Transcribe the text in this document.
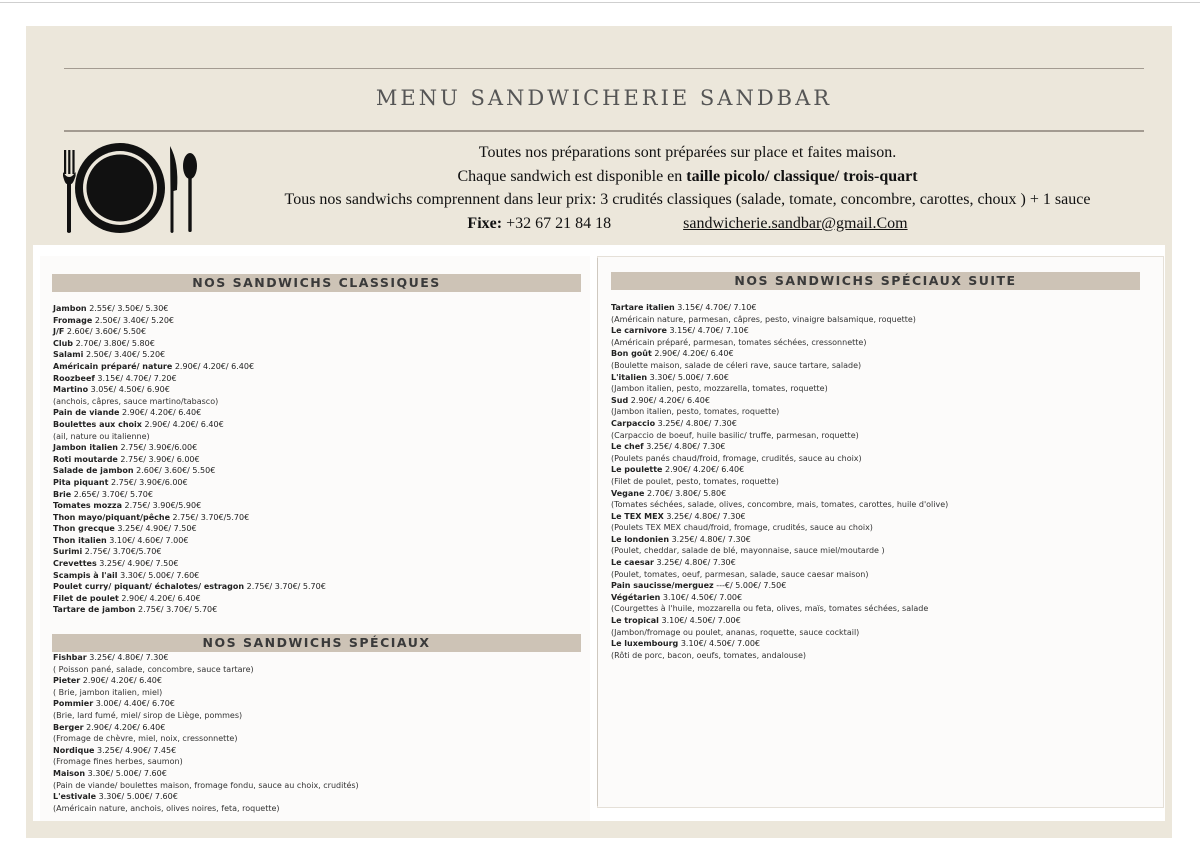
MENU SANDWICHERIE SANDBAR
Toutes nos préparations sont préparées sur place et faites maison.
Chaque sandwich est disponible en taille picolo/ classique/ trois-quart
Tous nos sandwichs comprennent dans leur prix: 3 crudités classiques (salade, tomate, concombre, carottes, choux ) + 1 sauce
Fixe: +32 67 21 84 18	sandwicherie.sandbar@gmail.Com
NOS SANDWICHS CLASSIQUES
Jambon 2.55€/ 3.50€/ 5.30€
Fromage 2.50€/ 3.40€/ 5.20€
J/F 2.60€/ 3.60€/ 5.50€
Club 2.70€/ 3.80€/ 5.80€
Salami 2.50€/ 3.40€/ 5.20€
Américain préparé/ nature 2.90€/ 4.20€/ 6.40€
Roozbeef 3.15€/ 4.70€/ 7.20€
Martino 3.05€/ 4.50€/ 6.90€
(anchois, câpres, sauce martino/tabasco)
Pain de viande 2.90€/ 4.20€/ 6.40€
Boulettes aux choix 2.90€/ 4.20€/ 6.40€
(ail, nature ou italienne)
Jambon italien 2.75€/ 3.90€/6.00€
Roti moutarde 2.75€/ 3.90€/ 6.00€
Salade de jambon 2.60€/ 3.60€/ 5.50€
Pita piquant 2.75€/ 3.90€/6.00€
Brie 2.65€/ 3.70€/ 5.70€
Tomates mozza 2.75€/ 3.90€/5.90€
Thon mayo/piquant/pêche 2.75€/ 3.70€/5.70€
Thon grecque 3.25€/ 4.90€/ 7.50€
Thon italien 3.10€/ 4.60€/ 7.00€
Surimi 2.75€/ 3.70€/5.70€
Crevettes 3.25€/ 4.90€/ 7.50€
Scampis à l'ail 3.30€/ 5.00€/ 7.60€
Poulet curry/ piquant/ échalotes/ estragon 2.75€/ 3.70€/ 5.70€
Filet de poulet 2.90€/ 4.20€/ 6.40€
Tartare de jambon 2.75€/ 3.70€/ 5.70€
NOS SANDWICHS SPÉCIAUX
Fishbar 3.25€/ 4.80€/ 7.30€
( Poisson pané, salade, concombre, sauce tartare)
Pieter 2.90€/ 4.20€/ 6.40€
( Brie, jambon italien, miel)
Pommier 3.00€/ 4.40€/ 6.70€
(Brie, lard fumé, miel/ sirop de Liège, pommes)
Berger 2.90€/ 4.20€/ 6.40€
(Fromage de chèvre, miel, noix, cressonnette)
Nordique 3.25€/ 4.90€/ 7.45€
(Fromage fines herbes, saumon)
Maison 3.30€/ 5.00€/ 7.60€
(Pain de viande/ boulettes maison, fromage fondu, sauce au choix, crudités)
L'estivale 3.30€/ 5.00€/ 7.60€
(Américain nature, anchois, olives noires, feta, roquette)
NOS SANDWICHS SPÉCIAUX SUITE
Tartare italien 3.15€/ 4.70€/ 7.10€
(Américain nature, parmesan, câpres, pesto, vinaigre balsamique, roquette)
Le carnivore 3.15€/ 4.70€/ 7.10€
(Américain préparé, parmesan, tomates séchées, cressonnette)
Bon goût 2.90€/ 4.20€/ 6.40€
(Boulette maison, salade de céleri rave, sauce tartare, salade)
L'italien 3.30€/ 5.00€/ 7.60€
(Jambon italien, pesto, mozzarella, tomates, roquette)
Sud 2.90€/ 4.20€/ 6.40€
(Jambon italien, pesto, tomates, roquette)
Carpaccio 3.25€/ 4.80€/ 7.30€
(Carpaccio de boeuf, huile basilic/ truffe, parmesan, roquette)
Le chef 3.25€/ 4.80€/ 7.30€
(Poulets panés chaud/froid, fromage, crudités, sauce au choix)
Le poulette 2.90€/ 4.20€/ 6.40€
(Filet de poulet, pesto, tomates, roquette)
Vegane 2.70€/ 3.80€/ 5.80€
(Tomates séchées, salade, olives, concombre, mais, tomates, carottes, huile d'olive)
Le TEX MEX 3.25€/ 4.80€/ 7.30€
(Poulets TEX MEX chaud/froid, fromage, crudités, sauce au choix)
Le londonien 3.25€/ 4.80€/ 7.30€
(Poulet, cheddar, salade de blé, mayonnaise, sauce miel/moutarde )
Le caesar 3.25€/ 4.80€/ 7.30€
(Poulet, tomates, oeuf, parmesan, salade, sauce caesar maison)
Pain saucisse/merguez ---€/ 5.00€/ 7.50€
Végétarien 3.10€/ 4.50€/ 7.00€
(Courgettes à l'huile, mozzarella ou feta, olives, maïs, tomates séchées, salade
Le tropical 3.10€/ 4.50€/ 7.00€
(Jambon/fromage ou poulet, ananas, roquette, sauce cocktail)
Le luxembourg 3.10€/ 4.50€/ 7.00€
(Rôti de porc, bacon, oeufs, tomates, andalouse)
